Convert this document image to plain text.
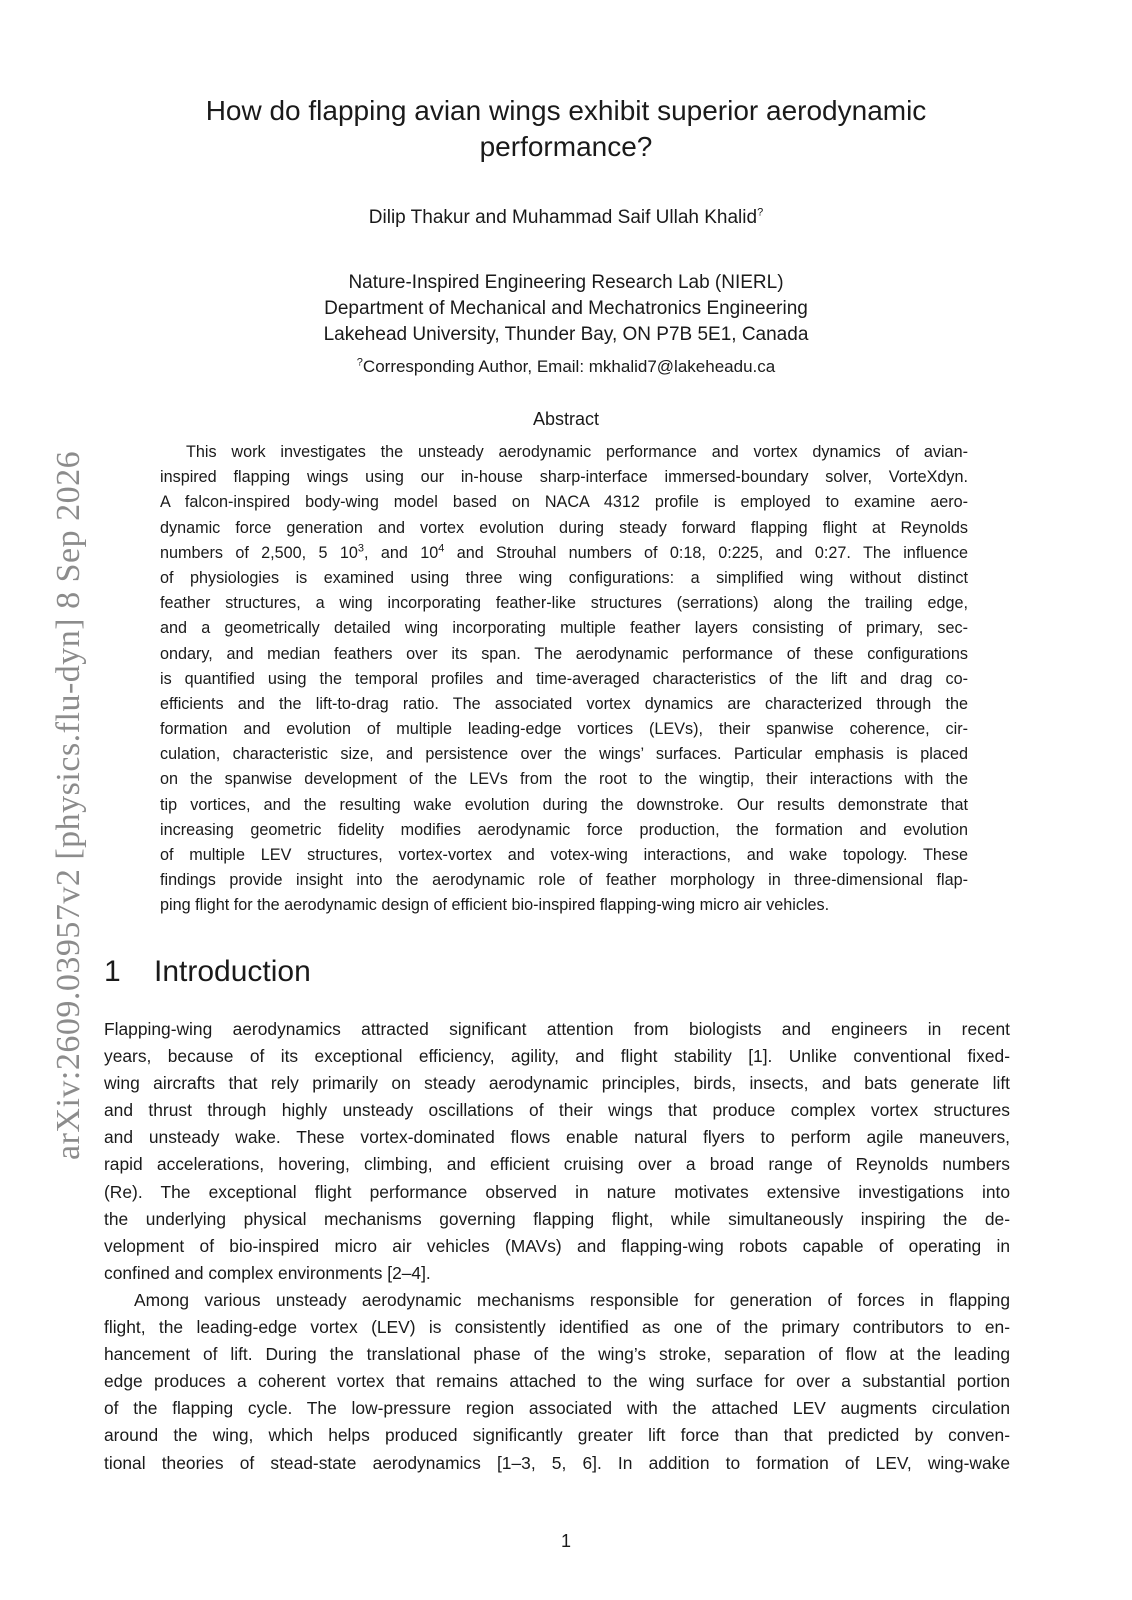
arXiv:2609.03957v2 [physics.flu-dyn] 8 Sep 2026
How do flapping avian wings exhibit superior aerodynamic
performance?
Dilip Thakur and Muhammad Saif Ullah Khalid?
Nature-Inspired Engineering Research Lab (NIERL)
Department of Mechanical and Mechatronics Engineering
Lakehead University, Thunder Bay, ON P7B 5E1, Canada
?Corresponding Author, Email: mkhalid7@lakeheadu.ca
Abstract
This work investigates the unsteady aerodynamic performance and vortex dynamics of avian-
inspired flapping wings using our in-house sharp-interface immersed-boundary solver, VorteXdyn.
A falcon-inspired body-wing model based on NACA 4312 profile is employed to examine aero-
dynamic force generation and vortex evolution during steady forward flapping flight at Reynolds
numbers of 2,500, 5 $10^3$, and $10^4$ and Strouhal numbers of 0:18, 0:225, and 0:27. The influence
of physiologies is examined using three wing configurations: a simplified wing without distinct
feather structures, a wing incorporating feather-like structures (serrations) along the trailing edge,
and a geometrically detailed wing incorporating multiple feather layers consisting of primary, sec-
ondary, and median feathers over its span. The aerodynamic performance of these configurations
is quantified using the temporal profiles and time-averaged characteristics of the lift and drag co-
efficients and the lift-to-drag ratio. The associated vortex dynamics are characterized through the
formation and evolution of multiple leading-edge vortices (LEVs), their spanwise coherence, cir-
culation, characteristic size, and persistence over the wings’ surfaces. Particular emphasis is placed
on the spanwise development of the LEVs from the root to the wingtip, their interactions with the
tip vortices, and the resulting wake evolution during the downstroke. Our results demonstrate that
increasing geometric fidelity modifies aerodynamic force production, the formation and evolution
of multiple LEV structures, vortex-vortex and votex-wing interactions, and wake topology. These
findings provide insight into the aerodynamic role of feather morphology in three-dimensional flap-
ping flight for the aerodynamic design of efficient bio-inspired flapping-wing micro air vehicles.
1 Introduction
Flapping-wing aerodynamics attracted significant attention from biologists and engineers in recent
years, because of its exceptional efficiency, agility, and flight stability [1]. Unlike conventional fixed-
wing aircrafts that rely primarily on steady aerodynamic principles, birds, insects, and bats generate lift
and thrust through highly unsteady oscillations of their wings that produce complex vortex structures
and unsteady wake. These vortex-dominated flows enable natural flyers to perform agile maneuvers,
rapid accelerations, hovering, climbing, and efficient cruising over a broad range of Reynolds numbers
(Re). The exceptional flight performance observed in nature motivates extensive investigations into
the underlying physical mechanisms governing flapping flight, while simultaneously inspiring the de-
velopment of bio-inspired micro air vehicles (MAVs) and flapping-wing robots capable of operating in
confined and complex environments [2–4].
Among various unsteady aerodynamic mechanisms responsible for generation of forces in flapping
flight, the leading-edge vortex (LEV) is consistently identified as one of the primary contributors to en-
hancement of lift. During the translational phase of the wing’s stroke, separation of flow at the leading
edge produces a coherent vortex that remains attached to the wing surface for over a substantial portion
of the flapping cycle. The low-pressure region associated with the attached LEV augments circulation
around the wing, which helps produced significantly greater lift force than that predicted by conven-
tional theories of stead-state aerodynamics [1–3, 5, 6]. In addition to formation of LEV, wing-wake
1
